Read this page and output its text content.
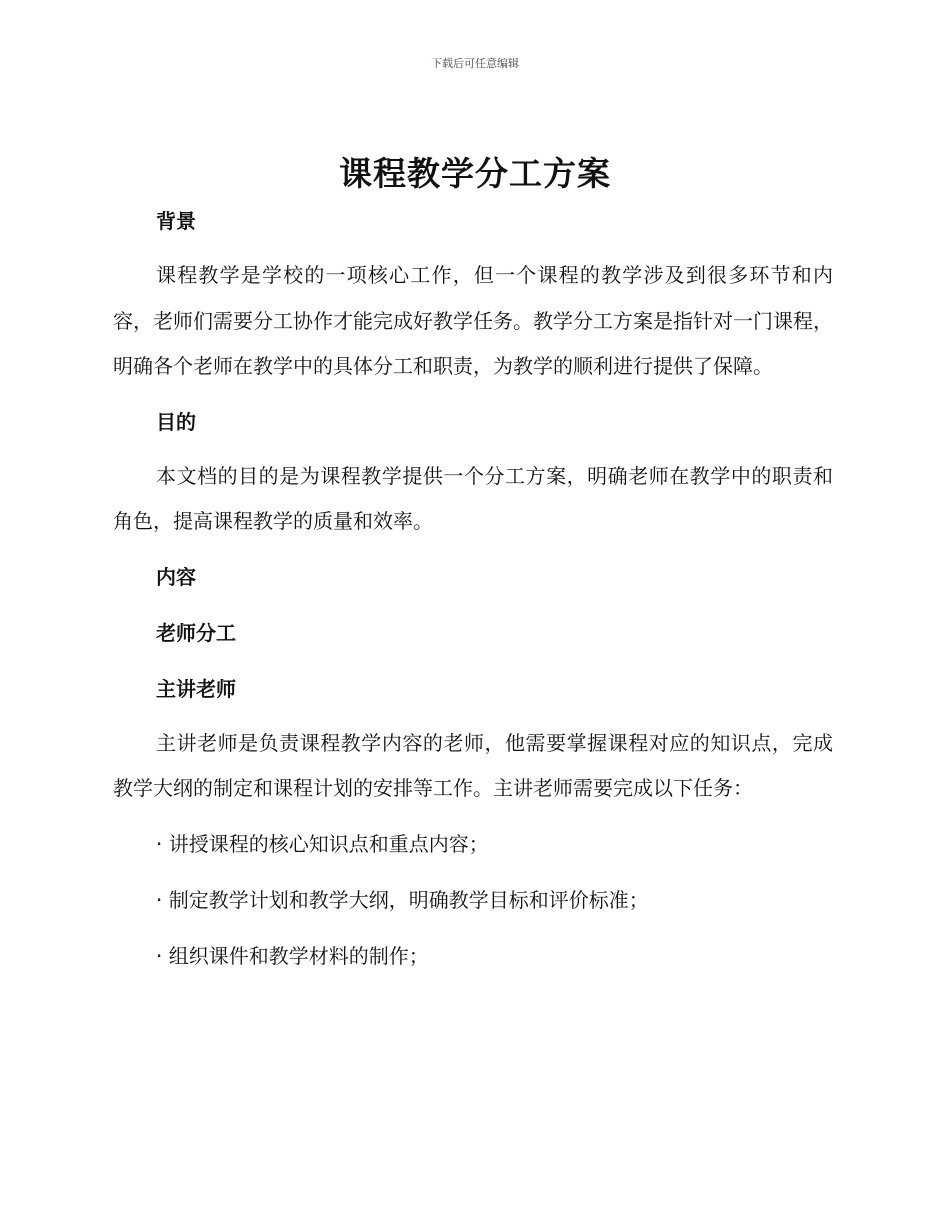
下载后可任意编辑
课程教学分工方案

背景

课程教学是学校的一项核心工作，但一个课程的教学涉及到很多环节和内容，老师们需要分工协作才能完成好教学任务。教学分工方案是指针对一门课程，明确各个老师在教学中的具体分工和职责，为教学的顺利进行提供了保障。

目的

本文档的目的是为课程教学提供一个分工方案，明确老师在教学中的职责和角色，提高课程教学的质量和效率。

内容

老师分工

主讲老师

主讲老师是负责课程教学内容的老师，他需要掌握课程对应的知识点，完成教学大纲的制定和课程计划的安排等工作。主讲老师需要完成以下任务：

· 讲授课程的核心知识点和重点内容；

· 制定教学计划和教学大纲，明确教学目标和评价标准；

· 组织课件和教学材料的制作；
